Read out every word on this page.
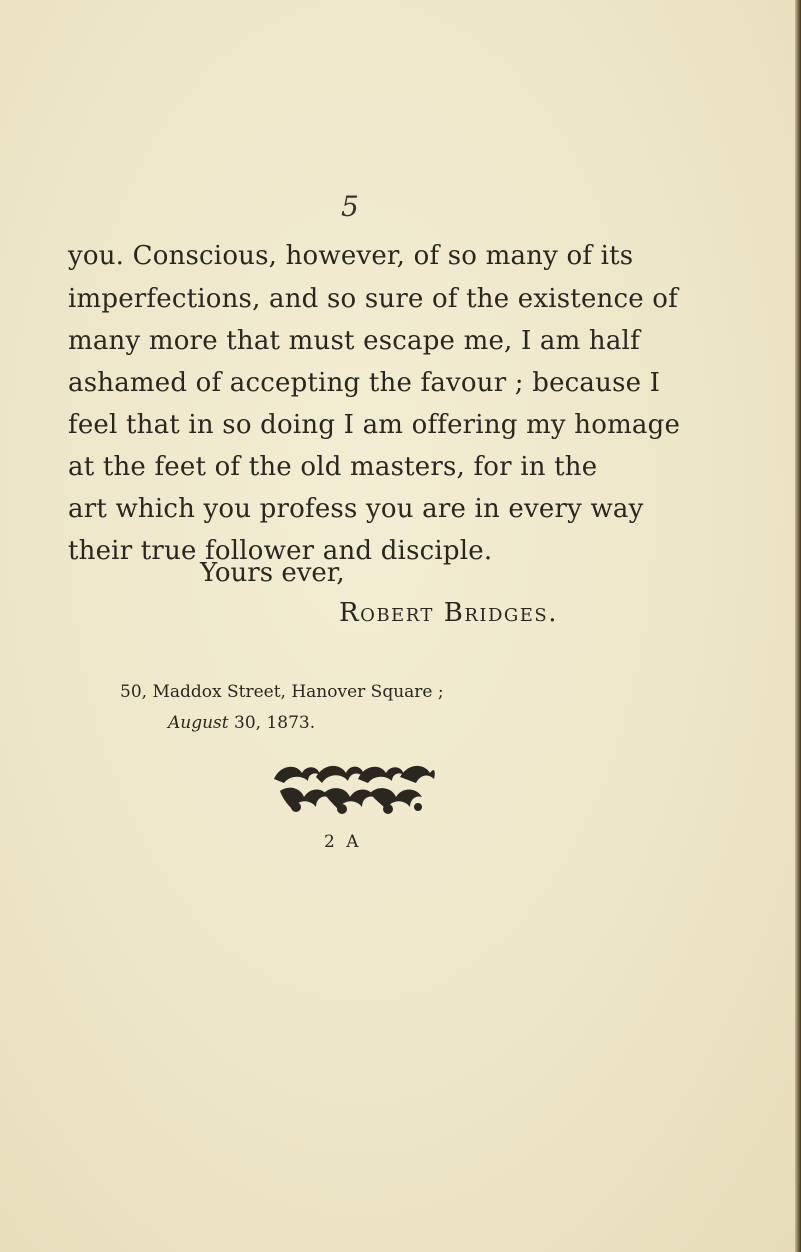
5
you. Conscious, however, of so many of its
imperfections, and so sure of the existence of
many more that must escape me, I am half
ashamed of accepting the favour ; because I
feel that in so doing I am offering my homage
at the feet of the old masters, for in the
art which you profess you are in every way
their true follower and disciple.
Yours ever,
Robert Bridges.
50, Maddox Street, Hanover Square ;
August 30, 1873.
2 A
